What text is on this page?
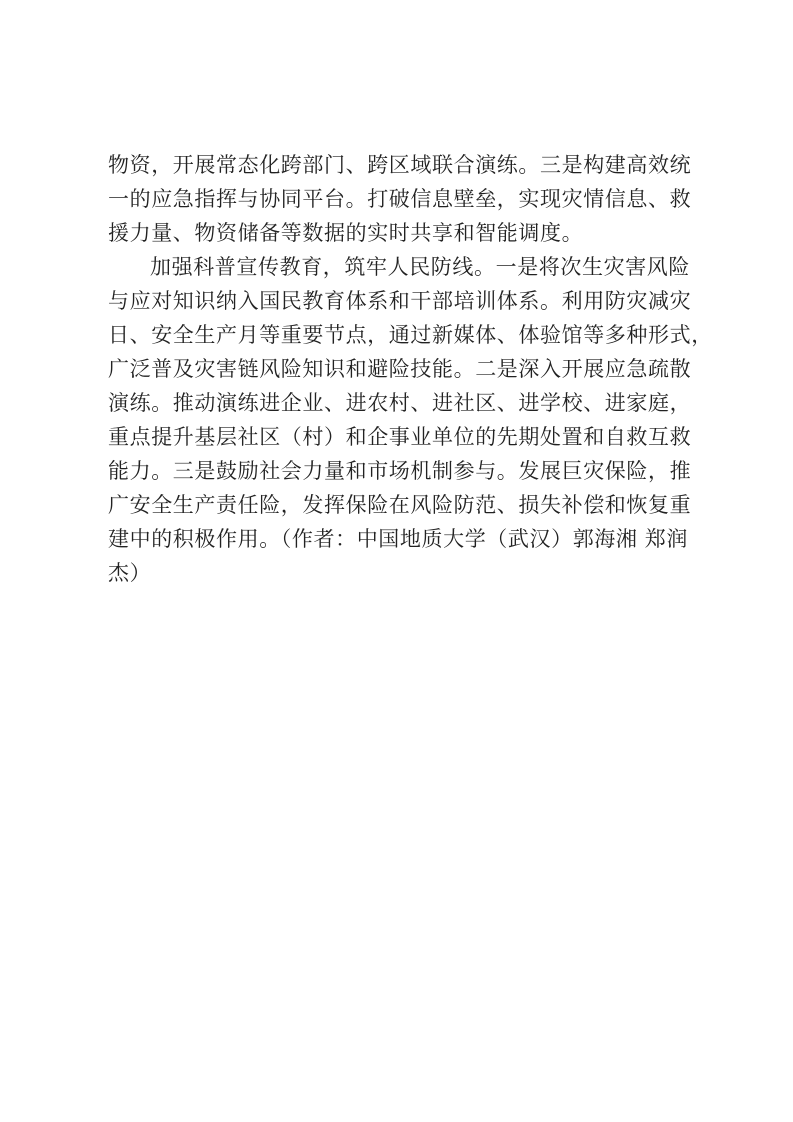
物资，开展常态化跨部门、跨区域联合演练。三是构建高效统
一的应急指挥与协同平台。打破信息壁垒，实现灾情信息、救
援力量、物资储备等数据的实时共享和智能调度。
加强科普宣传教育，筑牢人民防线。一是将次生灾害风险
与应对知识纳入国民教育体系和干部培训体系。利用防灾减灾
日、安全生产月等重要节点，通过新媒体、体验馆等多种形式，
广泛普及灾害链风险知识和避险技能。二是深入开展应急疏散
演练。推动演练进企业、进农村、进社区、进学校、进家庭，
重点提升基层社区（村）和企事业单位的先期处置和自救互救
能力。三是鼓励社会力量和市场机制参与。发展巨灾保险，推
广安全生产责任险，发挥保险在风险防范、损失补偿和恢复重
建中的积极作用。（作者：中国地质大学（武汉）郭海湘 郑润
杰）
